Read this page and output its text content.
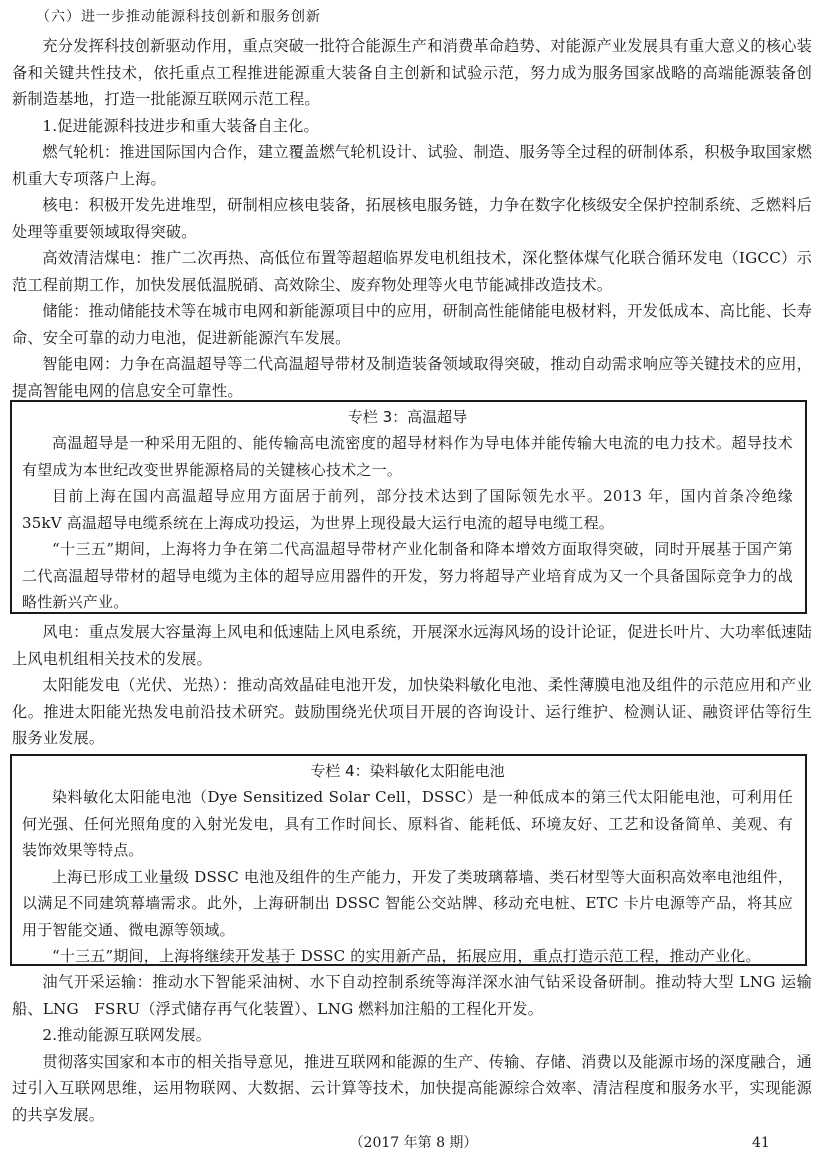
（六）进一步推动能源科技创新和服务创新

充分发挥科技创新驱动作用，重点突破一批符合能源生产和消费革命趋势、对能源产业发展具有重大意义的核心装备和关键共性技术，依托重点工程推进能源重大装备自主创新和试验示范，努力成为服务国家战略的高端能源装备创新制造基地，打造一批能源互联网示范工程。

1.促进能源科技进步和重大装备自主化。

燃气轮机：推进国际国内合作，建立覆盖燃气轮机设计、试验、制造、服务等全过程的研制体系，积极争取国家燃机重大专项落户上海。

核电：积极开发先进堆型，研制相应核电装备，拓展核电服务链，力争在数字化核级安全保护控制系统、乏燃料后处理等重要领域取得突破。

高效清洁煤电：推广二次再热、高低位布置等超超临界发电机组技术，深化整体煤气化联合循环发电（IGCC）示范工程前期工作，加快发展低温脱硝、高效除尘、废弃物处理等火电节能减排改造技术。

储能：推动储能技术等在城市电网和新能源项目中的应用，研制高性能储能电极材料，开发低成本、高比能、长寿命、安全可靠的动力电池，促进新能源汽车发展。

智能电网：力争在高温超导等二代高温超导带材及制造装备领域取得突破，推动自动需求响应等关键技术的应用，提高智能电网的信息安全可靠性。

专栏 3：高温超导

高温超导是一种采用无阻的、能传输高电流密度的超导材料作为导电体并能传输大电流的电力技术。超导技术有望成为本世纪改变世界能源格局的关键核心技术之一。

目前上海在国内高温超导应用方面居于前列，部分技术达到了国际领先水平。2013 年，国内首条冷绝缘 35kV 高温超导电缆系统在上海成功投运，为世界上现役最大运行电流的超导电缆工程。

“十三五”期间，上海将力争在第二代高温超导带材产业化制备和降本增效方面取得突破，同时开展基于国产第二代高温超导带材的超导电缆为主体的超导应用器件的开发，努力将超导产业培育成为又一个具备国际竞争力的战略性新兴产业。

风电：重点发展大容量海上风电和低速陆上风电系统，开展深水远海风场的设计论证，促进长叶片、大功率低速陆上风电机组相关技术的发展。

太阳能发电（光伏、光热）：推动高效晶硅电池开发，加快染料敏化电池、柔性薄膜电池及组件的示范应用和产业化。推进太阳能光热发电前沿技术研究。鼓励围绕光伏项目开展的咨询设计、运行维护、检测认证、融资评估等衍生服务业发展。

专栏 4：染料敏化太阳能电池

染料敏化太阳能电池（Dye Sensitized Solar Cell，DSSC）是一种低成本的第三代太阳能电池，可利用任何光强、任何光照角度的入射光发电，具有工作时间长、原料省、能耗低、环境友好、工艺和设备简单、美观、有装饰效果等特点。

上海已形成工业量级 DSSC 电池及组件的生产能力，开发了类玻璃幕墙、类石材型等大面积高效率电池组件，以满足不同建筑幕墙需求。此外，上海研制出 DSSC 智能公交站牌、移动充电桩、ETC 卡片电源等产品，将其应用于智能交通、微电源等领域。

“十三五”期间，上海将继续开发基于 DSSC 的实用新产品，拓展应用，重点打造示范工程，推动产业化。

油气开采运输：推动水下智能采油树、水下自动控制系统等海洋深水油气钻采设备研制。推动特大型 LNG 运输船、LNG　FSRU（浮式储存再气化装置）、LNG 燃料加注船的工程化开发。

2.推动能源互联网发展。

贯彻落实国家和本市的相关指导意见，推进互联网和能源的生产、传输、存储、消费以及能源市场的深度融合，通过引入互联网思维，运用物联网、大数据、云计算等技术，加快提高能源综合效率、清洁程度和服务水平，实现能源的共享发展。

（2017 年第 8 期）	41
